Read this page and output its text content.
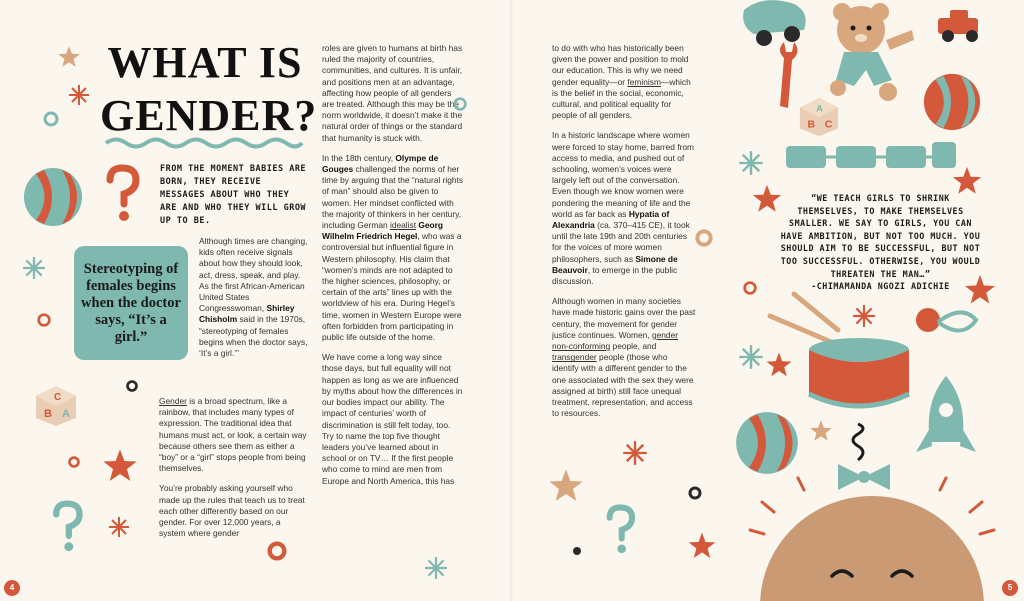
WHAT IS
GENDER?
FROM THE MOMENT BABIES ARE BORN, THEY RECEIVE MESSAGES ABOUT WHO THEY ARE AND WHO THEY WILL GROW UP TO BE.
Stereotyping of females begins when the doctor says, “It’s a girl.”

Although times are changing, kids often receive signals about how they should look, act, dress, speak, and play. As the first African-American United States Congresswoman, Shirley Chisholm said in the 1970s, “stereotyping of females begins when the doctor says, ‘It’s a girl.’”

Gender is a broad spectrum, like a rainbow, that includes many types of expression. The traditional idea that humans must act, or look, a certain way because others see them as either a “boy” or a “girl” stops people from being themselves.

You’re probably asking yourself who made up the rules that teach us to treat each other differently based on our gender. For over 12,000 years, a system where gender

roles are given to humans at birth has ruled the majority of countries, communities, and cultures. It is unfair, and positions men at an advantage, affecting how people of all genders are treated. Although this may be the norm worldwide, it doesn’t make it the natural order of things or the standard that humanity is stuck with.

In the 18th century, Olympe de Gouges challenged the norms of her time by arguing that the “natural rights of man” should also be given to women. Her mindset conflicted with the majority of thinkers in her century, including German idealist Georg Wilhelm Friedrich Hegel, who was a controversial but influential figure in Western philosophy. His claim that “women’s minds are not adapted to the higher sciences, philosophy, or certain of the arts” lines up with the worldview of his era. During Hegel’s time, women in Western Europe were often forbidden from participating in public life outside of the home.

We have come a long way since those days, but full equality will not happen as long as we are influenced by myths about how the differences in our bodies impact our ability. The impact of centuries’ worth of discrimination is still felt today, too. Try to name the top five thought leaders you’ve learned about in school or on TV… If the first people who come to mind are men from Europe and North America, this has

C
B A
4

to do with who has historically been given the power and position to mold our education. This is why we need gender equality—or feminism—which is the belief in the social, economic, cultural, and political equality for people of all genders.

In a historic landscape where women were forced to stay home, barred from access to media, and pushed out of schooling, women’s voices were largely left out of the conversation. Even though we know women were pondering the meaning of life and the world as far back as Hypatia of Alexandria (ca. 370–415 CE), it took until the late 19th and 20th centuries for the voices of more women philosophers, such as Simone de Beauvoir, to emerge in the public discussion.

Although women in many societies have made historic gains over the past century, the movement for gender justice continues. Women, gender non-conforming people, and transgender people (those who identify with a different gender to the one associated with the sex they were assigned at birth) still face unequal treatment, representation, and access to resources.

“WE TEACH GIRLS TO SHRINK THEMSELVES, TO MAKE THEMSELVES SMALLER. WE SAY TO GIRLS, YOU CAN HAVE AMBITION, BUT NOT TOO MUCH. YOU SHOULD AIM TO BE SUCCESSFUL, BUT NOT TOO SUCCESSFUL. OTHERWISE, YOU WOULD THREATEN THE MAN…”
-CHIMAMANDA NGOZI ADICHIE
A
B C
5
